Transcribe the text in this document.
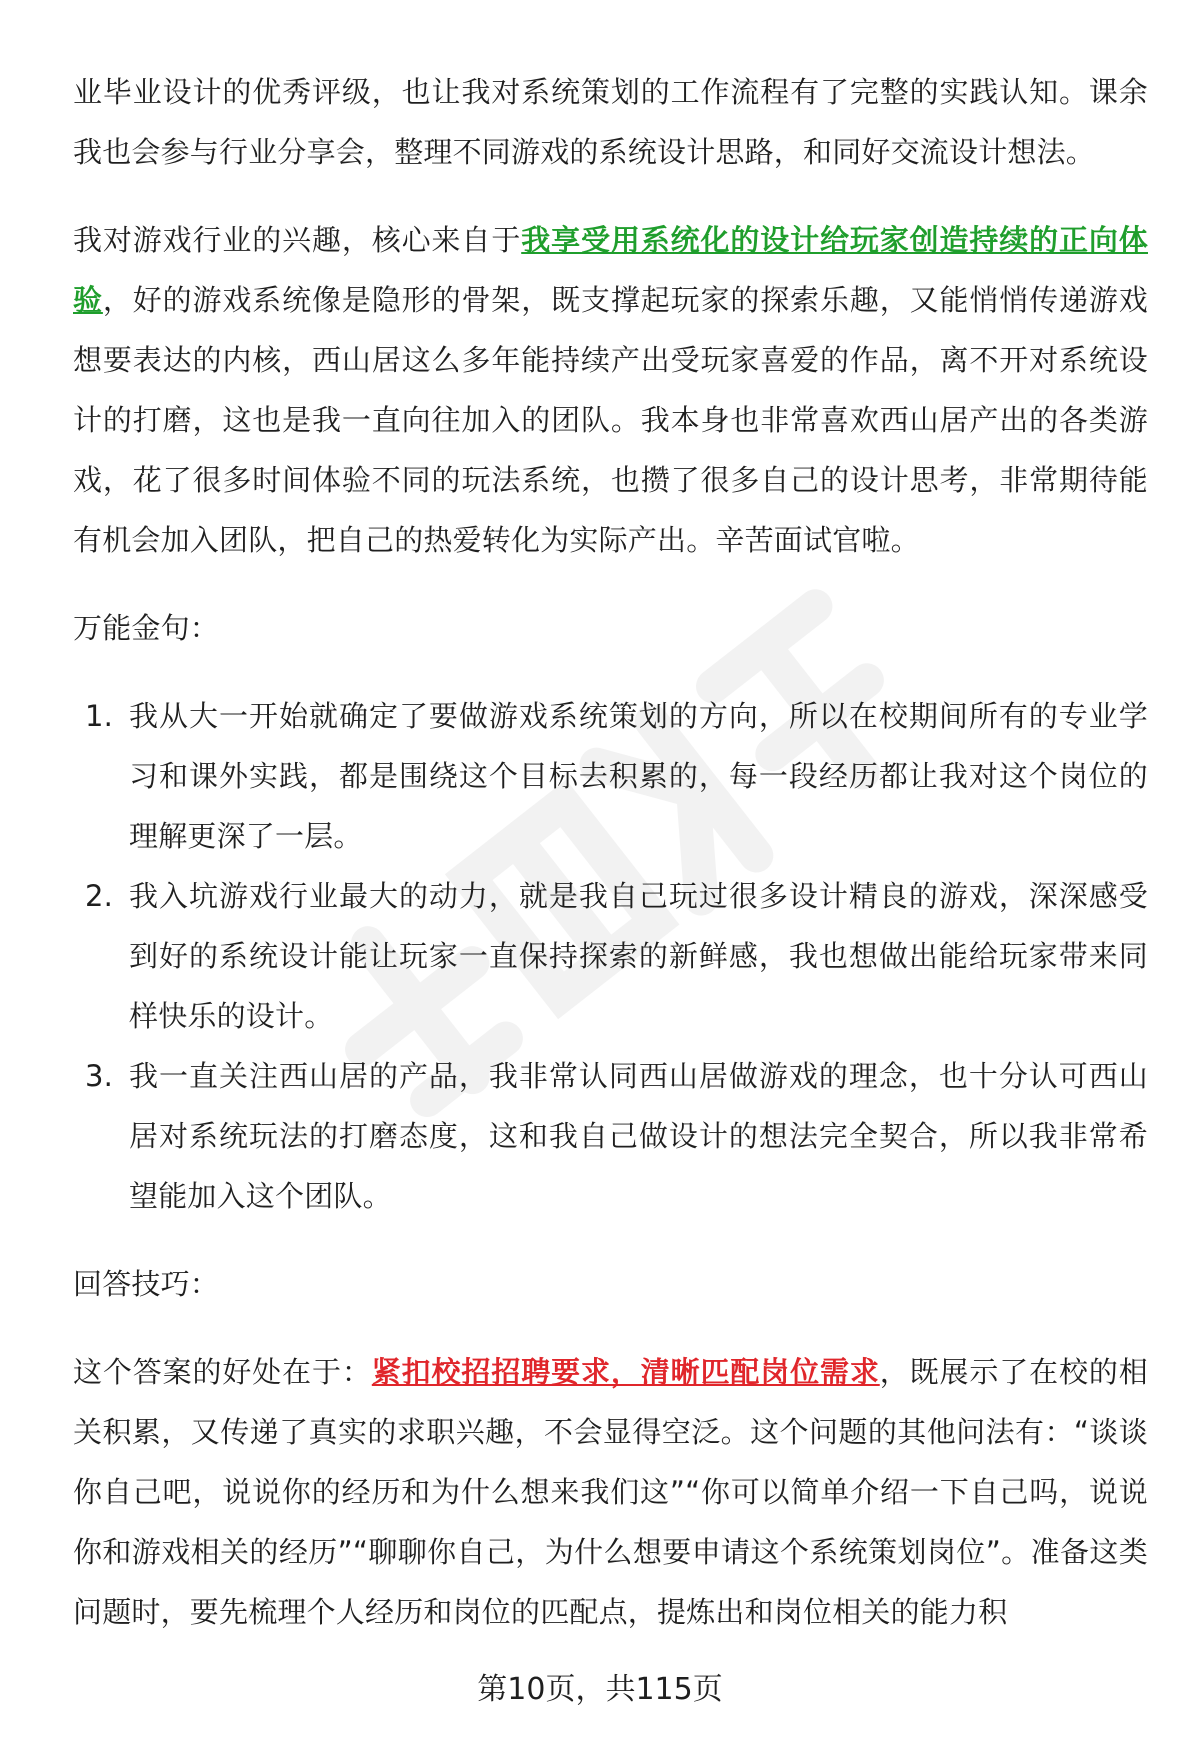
业毕业设计的优秀评级，也让我对系统策划的工作流程有了完整的实践认知。课余我也会参与行业分享会，整理不同游戏的系统设计思路，和同好交流设计想法。

我对游戏行业的兴趣，核心来自于我享受用系统化的设计给玩家创造持续的正向体验，好的游戏系统像是隐形的骨架，既支撑起玩家的探索乐趣，又能悄悄传递游戏想要表达的内核，西山居这么多年能持续产出受玩家喜爱的作品，离不开对系统设计的打磨，这也是我一直向往加入的团队。我本身也非常喜欢西山居产出的各类游戏，花了很多时间体验不同的玩法系统，也攒了很多自己的设计思考，非常期待能有机会加入团队，把自己的热爱转化为实际产出。辛苦面试官啦。

万能金句：

1. 我从大一开始就确定了要做游戏系统策划的方向，所以在校期间所有的专业学习和课外实践，都是围绕这个目标去积累的，每一段经历都让我对这个岗位的理解更深了一层。
2. 我入坑游戏行业最大的动力，就是我自己玩过很多设计精良的游戏，深深感受到好的系统设计能让玩家一直保持探索的新鲜感，我也想做出能给玩家带来同样快乐的设计。
3. 我一直关注西山居的产品，我非常认同西山居做游戏的理念，也十分认可西山居对系统玩法的打磨态度，这和我自己做设计的想法完全契合，所以我非常希望能加入这个团队。

回答技巧：

这个答案的好处在于：紧扣校招招聘要求，清晰匹配岗位需求，既展示了在校的相关积累，又传递了真实的求职兴趣，不会显得空泛。这个问题的其他问法有：“谈谈你自己吧，说说你的经历和为什么想来我们这”“你可以简单介绍一下自己吗，说说你和游戏相关的经历”“聊聊你自己，为什么想要申请这个系统策划岗位”。准备这类问题时，要先梳理个人经历和岗位的匹配点，提炼出和岗位相关的能力积

第10页，共115页
